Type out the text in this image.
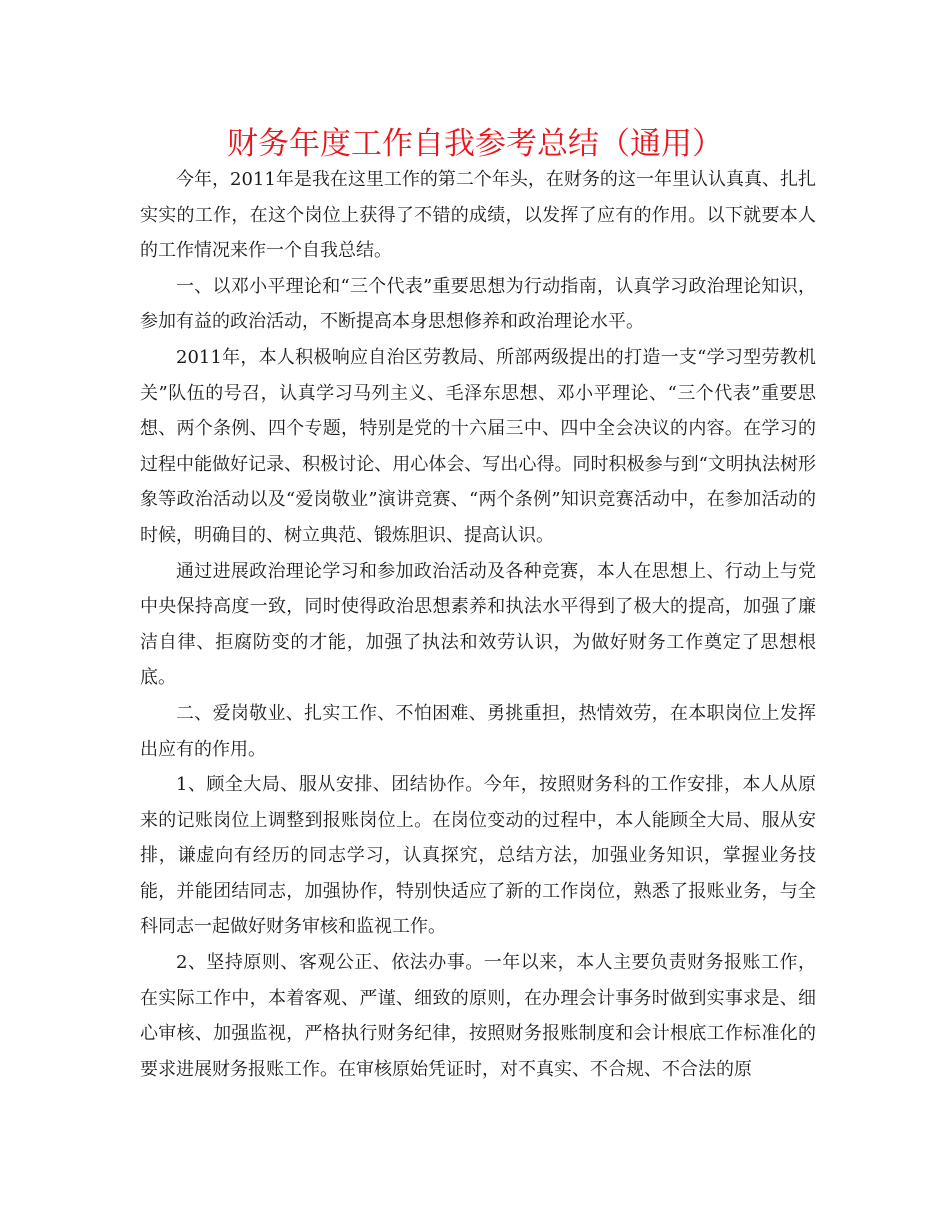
财务年度工作自我参考总结（通用）

今年，2011年是我在这里工作的第二个年头，在财务的这一年里认认真真、扎扎实实的工作，在这个岗位上获得了不错的成绩，以发挥了应有的作用。以下就要本人的工作情况来作一个自我总结。

一、以邓小平理论和“三个代表”重要思想为行动指南，认真学习政治理论知识，参加有益的政治活动，不断提高本身思想修养和政治理论水平。

2011年，本人积极响应自治区劳教局、所部两级提出的打造一支“学习型劳教机关”队伍的号召，认真学习马列主义、毛泽东思想、邓小平理论、“三个代表”重要思想、两个条例、四个专题，特别是党的十六届三中、四中全会决议的内容。在学习的过程中能做好记录、积极讨论、用心体会、写出心得。同时积极参与到“文明执法树形象等政治活动以及“爱岗敬业”演讲竞赛、“两个条例”知识竞赛活动中，在参加活动的时候，明确目的、树立典范、锻炼胆识、提高认识。

通过进展政治理论学习和参加政治活动及各种竞赛，本人在思想上、行动上与党中央保持高度一致，同时使得政治思想素养和执法水平得到了极大的提高，加强了廉洁自律、拒腐防变的才能，加强了执法和效劳认识，为做好财务工作奠定了思想根底。

二、爱岗敬业、扎实工作、不怕困难、勇挑重担，热情效劳，在本职岗位上发挥出应有的作用。

1、顾全大局、服从安排、团结协作。今年，按照财务科的工作安排，本人从原来的记账岗位上调整到报账岗位上。在岗位变动的过程中，本人能顾全大局、服从安排，谦虚向有经历的同志学习，认真探究，总结方法，加强业务知识，掌握业务技能，并能团结同志，加强协作，特别快适应了新的工作岗位，熟悉了报账业务，与全科同志一起做好财务审核和监视工作。

2、坚持原则、客观公正、依法办事。一年以来，本人主要负责财务报账工作，在实际工作中，本着客观、严谨、细致的原则，在办理会计事务时做到实事求是、细心审核、加强监视，严格执行财务纪律，按照财务报账制度和会计根底工作标准化的要求进展财务报账工作。在审核原始凭证时，对不真实、不合规、不合法的原
